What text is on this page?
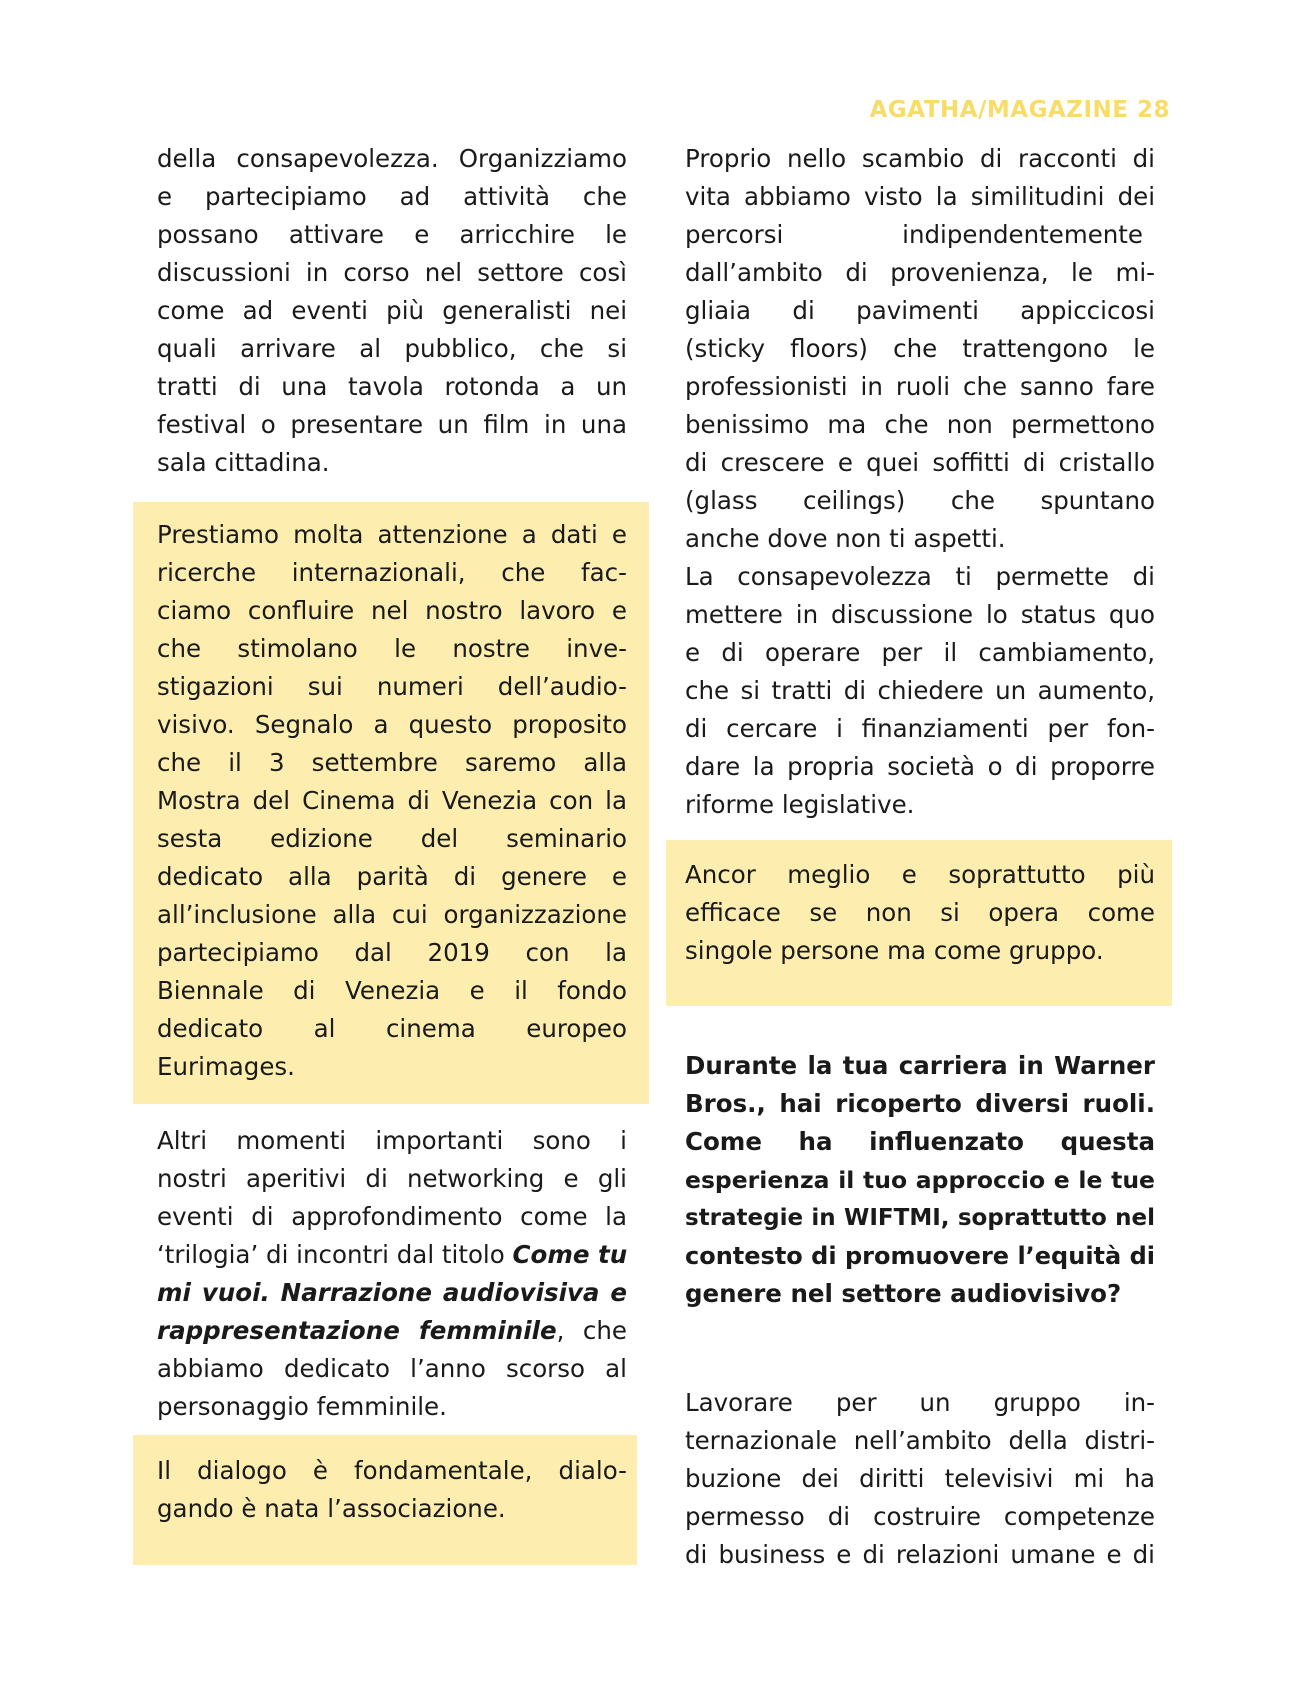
AGATHA/MAGAZINE 28

della consapevolezza. Organizziamo
e partecipiamo ad attività che
possano attivare e arricchire le
discussioni in corso nel settore così
come ad eventi più generalisti nei
quali arrivare al pubblico, che si
tratti di una tavola rotonda a un
festival o presentare un film in una
sala cittadina.

Prestiamo molta attenzione a dati e
ricerche internazionali, che fac-
ciamo confluire nel nostro lavoro e
che stimolano le nostre inve-
stigazioni sui numeri dell’audio-
visivo. Segnalo a questo proposito
che il 3 settembre saremo alla
Mostra del Cinema di Venezia con la
sesta edizione del seminario
dedicato alla parità di genere e
all’inclusione alla cui organizzazione
partecipiamo dal 2019 con la
Biennale di Venezia e il fondo
dedicato al cinema europeo
Eurimages.

Altri momenti importanti sono i
nostri aperitivi di networking e gli
eventi di approfondimento come la
‘trilogia’ di incontri dal titolo Come tu
mi vuoi. Narrazione audiovisiva e
rappresentazione femminile, che
abbiamo dedicato l’anno scorso al
personaggio femminile.

Il dialogo è fondamentale, dialo-
gando è nata l’associazione.

Proprio nello scambio di racconti di
vita abbiamo visto la similitudini dei
percorsi indipendentemente
dall’ambito di provenienza, le mi-
gliaia di pavimenti appiccicosi
(sticky floors) che trattengono le
professionisti in ruoli che sanno fare
benissimo ma che non permettono
di crescere e quei soffitti di cristallo
(glass ceilings) che spuntano
anche dove non ti aspetti.
La consapevolezza ti permette di
mettere in discussione lo status quo
e di operare per il cambiamento,
che si tratti di chiedere un aumento,
di cercare i finanziamenti per fon-
dare la propria società o di proporre
riforme legislative.

Ancor meglio e soprattutto più
efficace se non si opera come
singole persone ma come gruppo.

Durante la tua carriera in Warner
Bros., hai ricoperto diversi ruoli.
Come ha influenzato questa
esperienza il tuo approccio e le tue
strategie in WIFTMI, soprattutto nel
contesto di promuovere l’equità di
genere nel settore audiovisivo?

Lavorare per un gruppo in-
ternazionale nell’ambito della distri-
buzione dei diritti televisivi mi ha
permesso di costruire competenze
di business e di relazioni umane e di
